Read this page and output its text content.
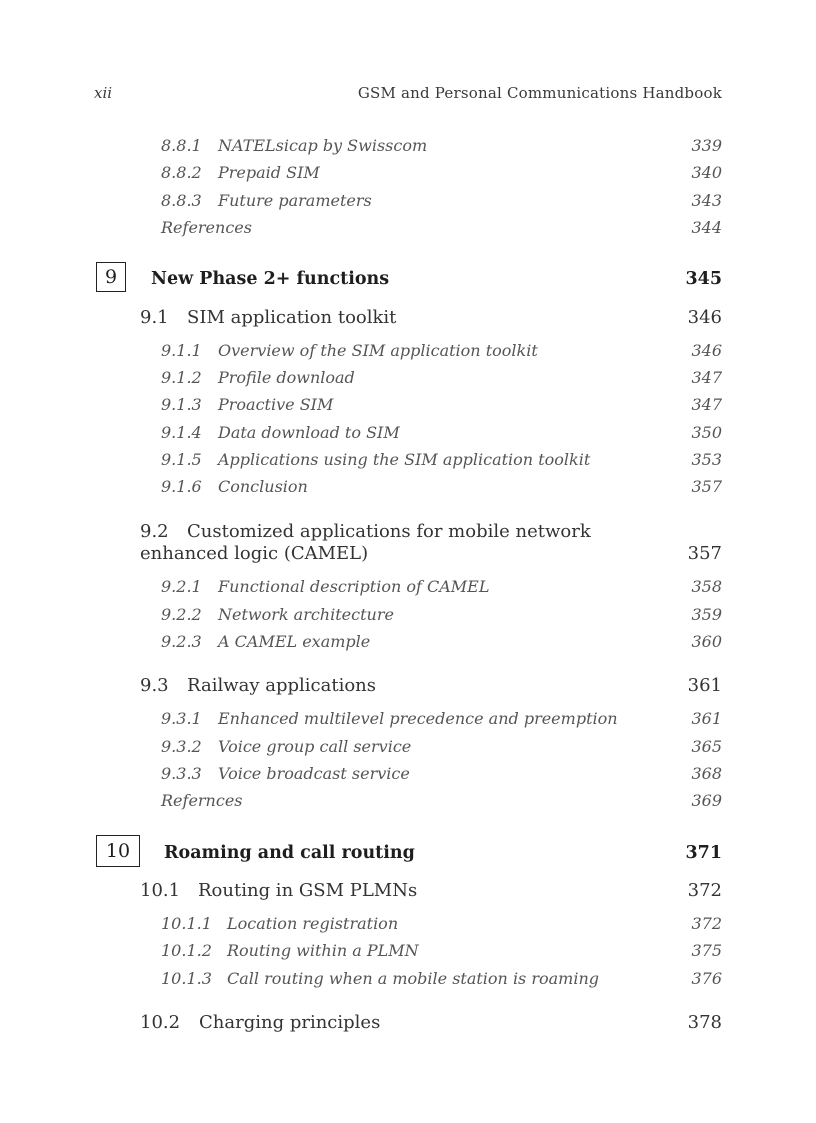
xii	GSM and Personal Communications Handbook
8.8.1 NATELsicap by Swisscom	339
8.8.2 Prepaid SIM	340
8.8.3 Future parameters	343
References	344
9	New Phase 2+ functions	345
9.1 SIM application toolkit	346
9.1.1 Overview of the SIM application toolkit	346
9.1.2 Profile download	347
9.1.3 Proactive SIM	347
9.1.4 Data download to SIM	350
9.1.5 Applications using the SIM application toolkit	353
9.1.6 Conclusion	357
9.2 Customized applications for mobile network
enhanced logic (CAMEL)	357
9.2.1 Functional description of CAMEL	358
9.2.2 Network architecture	359
9.2.3 A CAMEL example	360
9.3 Railway applications	361
9.3.1 Enhanced multilevel precedence and preemption	361
9.3.2 Voice group call service	365
9.3.3 Voice broadcast service	368
Refernces	369
10	Roaming and call routing	371
10.1 Routing in GSM PLMNs	372
10.1.1 Location registration	372
10.1.2 Routing within a PLMN	375
10.1.3 Call routing when a mobile station is roaming	376
10.2 Charging principles	378
